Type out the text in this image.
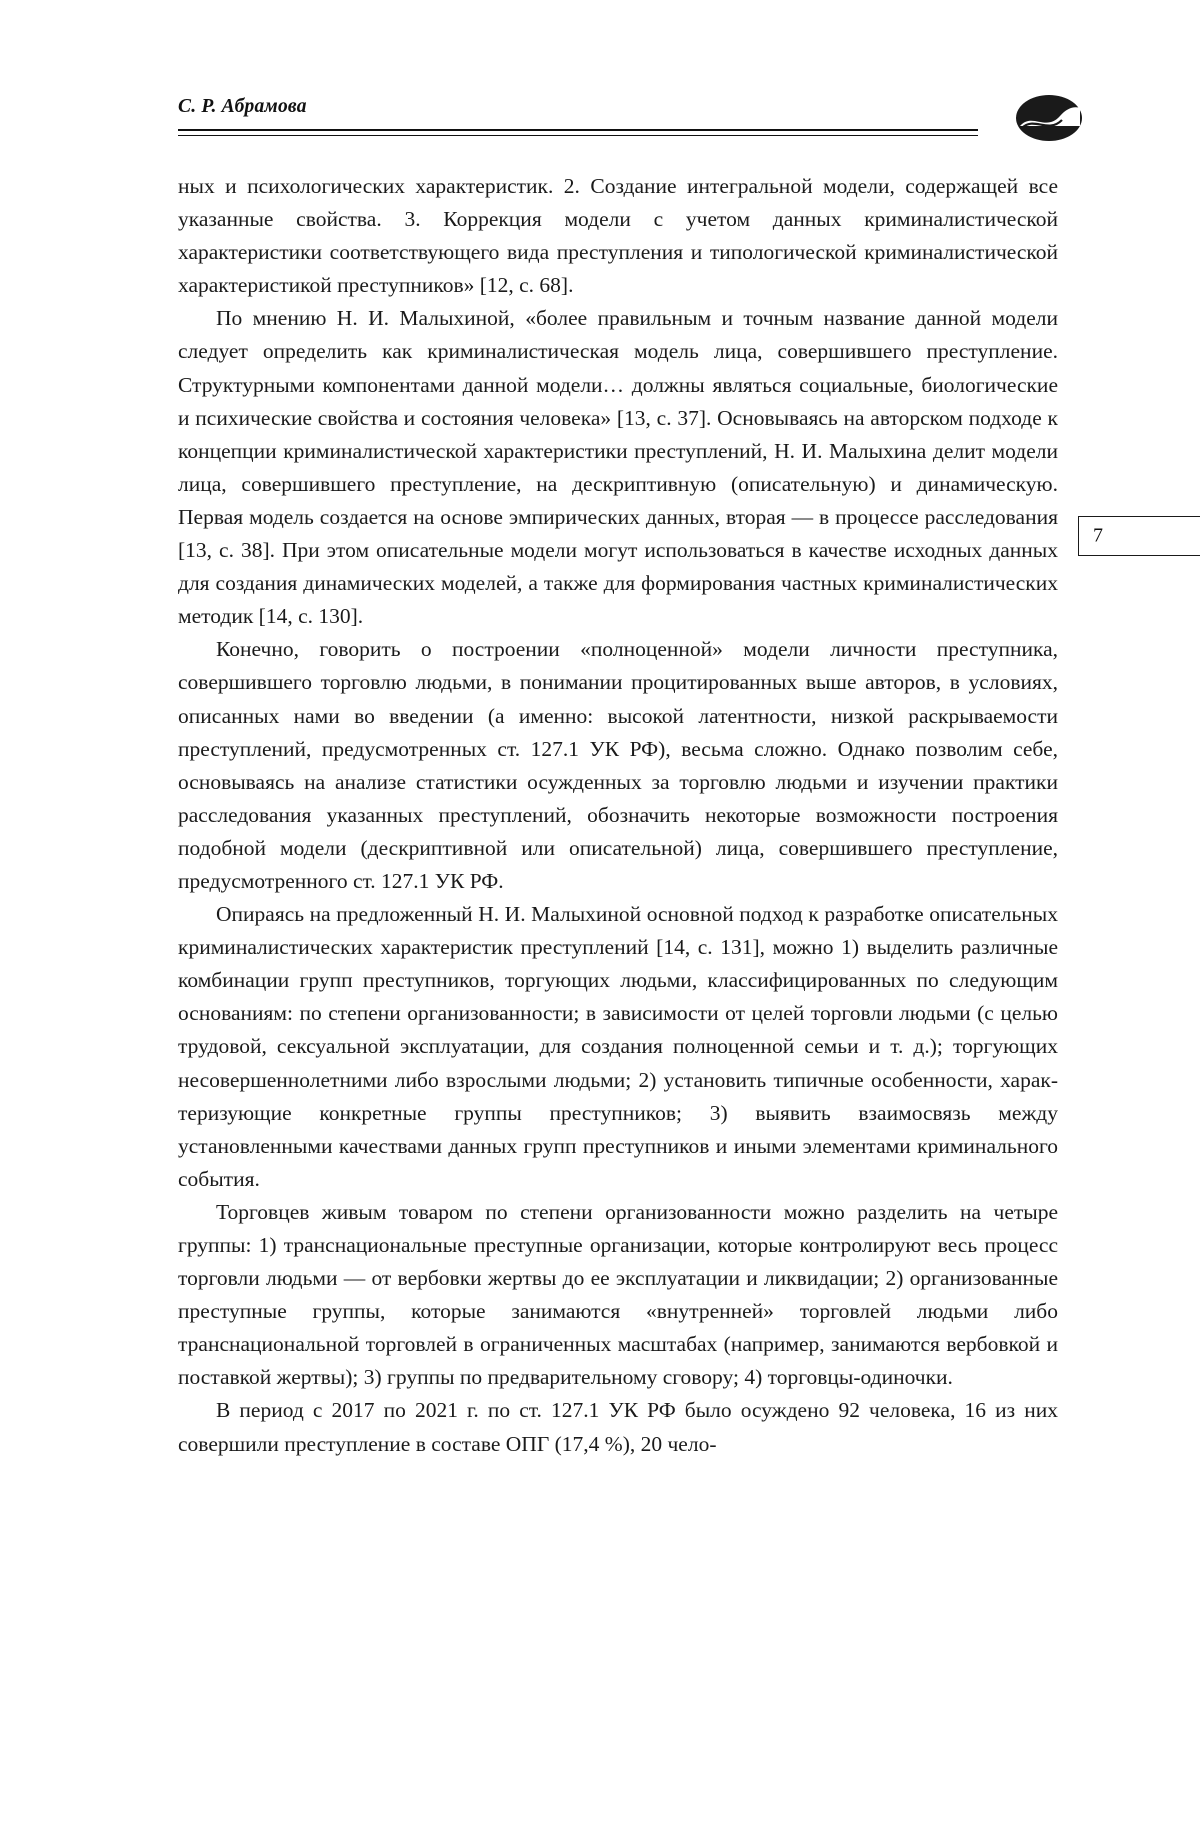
С. Р. Абрамова

ных и психологических характеристик. 2. Создание интегральной модели, содержащей все указанные свойства. 3. Коррекция модели с учетом данных криминалистической характеристики соответствующего вида преступления и типологической криминалистической характеристикой преступников» [12, с. 68].

По мнению Н. И. Малыхиной, «более правильным и точным название данной модели следует определить как криминалистическая модель лица, совершившего преступление. Структурными компонентами данной модели… должны являться социальные, биологические и психические свойства и состояния человека» [13, с. 37]. Основываясь на авторском подходе к концепции криминалистической характеристики преступлений, Н. И. Малыхина делит модели лица, совершившего преступление, на дескриптивную (описательную) и динамическую. Первая модель создается на основе эмпирических данных, вторая — в процессе расследования [13, с. 38]. При этом описательные модели могут использоваться в качестве исходных данных для создания динамических моделей, а также для формирования частных криминалистических методик [14, с. 130].

Конечно, говорить о построении «полноценной» модели личности преступника, совершившего торговлю людьми, в понимании процитированных выше авторов, в условиях, описанных нами во введении (а именно: высокой латентности, низкой раскрываемости преступлений, предусмотренных ст. 127.1 УК РФ), весьма сложно. Однако позволим себе, основываясь на анализе статистики осужденных за торговлю людьми и изучении практики расследования указанных преступлений, обозначить некоторые возможности построения подобной модели (дескриптивной или описательной) лица, совершившего преступление, предусмотренного ст. 127.1 УК РФ.

Опираясь на предложенный Н. И. Малыхиной основной подход к разработке описательных криминалистических характеристик преступлений [14, с. 131], можно 1) выделить различные комбинации групп преступников, торгующих людьми, классифицированных по следующим основаниям: по степени организованности; в зависимости от целей торговли людьми (с целью трудовой, сексуальной эксплуатации, для создания полноценной семьи и т. д.); торгующих несовершеннолетними либо взрослыми людьми; 2) установить типичные особенности, характеризующие конкретные группы преступников; 3) выявить взаимосвязь между установленными качествами данных групп преступников и иными элементами криминального события.

Торговцев живым товаром по степени организованности можно разделить на четыре группы: 1) транснациональные преступные организации, которые контролируют весь процесс торговли людьми — от вербовки жертвы до ее эксплуатации и ликвидации; 2) организованные преступные группы, которые занимаются «внутренней» торговлей людьми либо транснациональной торговлей в ограниченных масштабах (например, занимаются вербовкой и поставкой жертвы); 3) группы по предварительному сговору; 4) торговцы-одиночки.

В период с 2017 по 2021 г. по ст. 127.1 УК РФ было осуждено 92 человека, 16 из них совершили преступление в составе ОПГ (17,4 %), 20 чело-

7
